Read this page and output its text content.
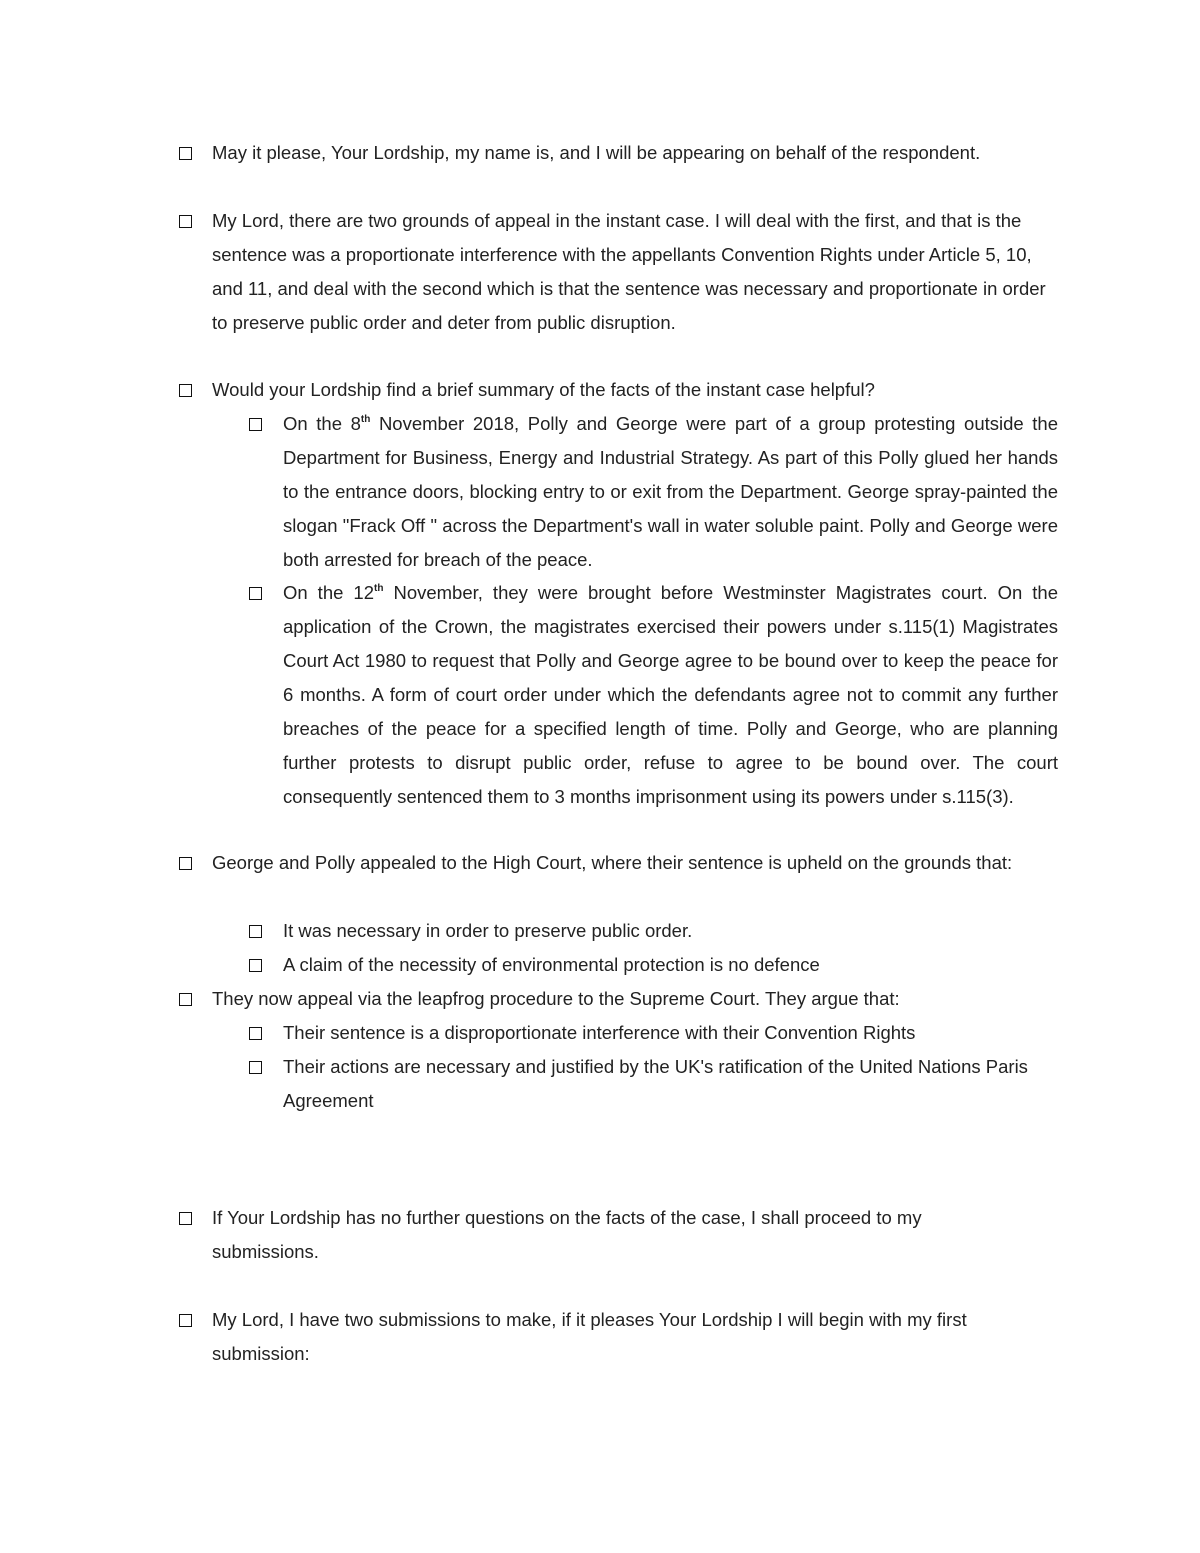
May it please, Your Lordship, my name is, and I will be appearing on behalf of the respondent.

My Lord, there are two grounds of appeal in the instant case. I will deal with the first, and that is the sentence was a proportionate interference with the appellants Convention Rights under Article 5, 10, and 11, and deal with the second which is that the sentence was necessary and proportionate in order to preserve public order and deter from public disruption.

Would your Lordship find a brief summary of the facts of the instant case helpful?

On the 8th November 2018, Polly and George were part of a group protesting outside the Department for Business, Energy and Industrial Strategy. As part of this Polly glued her hands to the entrance doors, blocking entry to or exit from the Department. George spray-painted the slogan "Frack Off " across the Department's wall in water soluble paint. Polly and George were both arrested for breach of the peace.

On the 12th November, they were brought before Westminster Magistrates court. On the application of the Crown, the magistrates exercised their powers under s.115(1) Magistrates Court Act 1980 to request that Polly and George agree to be bound over to keep the peace for 6 months. A form of court order under which the defendants agree not to commit any further breaches of the peace for a specified length of time. Polly and George, who are planning further protests to disrupt public order, refuse to agree to be bound over. The court consequently sentenced them to 3 months imprisonment using its powers under s.115(3).

George and Polly appealed to the High Court, where their sentence is upheld on the grounds that:

It was necessary in order to preserve public order.

A claim of the necessity of environmental protection is no defence

They now appeal via the leapfrog procedure to the Supreme Court. They argue that:

Their sentence is a disproportionate interference with their Convention Rights

Their actions are necessary and justified by the UK's ratification of the United Nations Paris Agreement

If Your Lordship has no further questions on the facts of the case, I shall proceed to my submissions.

My Lord, I have two submissions to make, if it pleases Your Lordship I will begin with my first submission:
